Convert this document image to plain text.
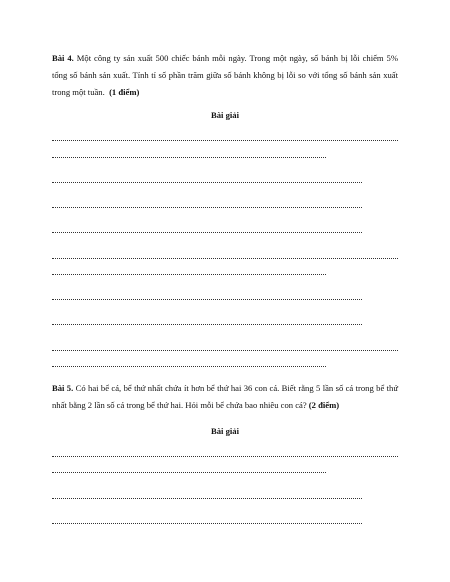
Bài 4. Một công ty sản xuất 500 chiếc bánh mỗi ngày. Trong một ngày, số bánh bị lỗi chiếm 5% tổng số bánh sản xuất. Tính tỉ số phần trăm giữa số bánh không bị lỗi so với tổng số bánh sản xuất trong một tuần. (1 điểm)
Bài giải
Bài 5. Có hai bể cá, bể thứ nhất chứa ít hơn bể thứ hai 36 con cá. Biết rằng 5 lần số cá trong bể thứ nhất bằng 2 lần số cá trong bể thứ hai. Hỏi mỗi bể chứa bao nhiêu con cá? (2 điểm)
Bài giải
